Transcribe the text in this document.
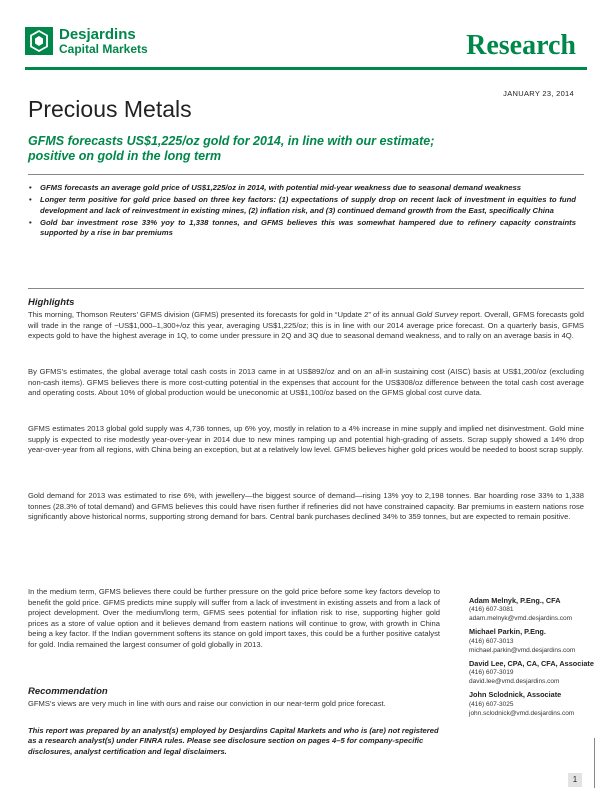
Desjardins
Capital Markets	Research
JANUARY 23, 2014
Precious Metals
GFMS forecasts US$1,225/oz gold for 2014, in line with our estimate; positive on gold in the long term
• GFMS forecasts an average gold price of US$1,225/oz in 2014, with potential mid-year weakness due to seasonal demand weakness
• Longer term positive for gold price based on three key factors: (1) expectations of supply drop on recent lack of investment in equities to fund development and lack of reinvestment in existing mines, (2) inflation risk, and (3) continued demand growth from the East, specifically China
• Gold bar investment rose 33% yoy to 1,338 tonnes, and GFMS believes this was somewhat hampered due to refinery capacity constraints supported by a rise in bar premiums
Highlights

This morning, Thomson Reuters’ GFMS division (GFMS) presented its forecasts for gold in “Update 2” of its annual Gold Survey report. Overall, GFMS forecasts gold will trade in the range of ~US$1,000–1,300+/oz this year, averaging US$1,225/oz; this is in line with our 2014 average price forecast. On a quarterly basis, GFMS expects gold to have the highest average in 1Q, to come under pressure in 2Q and 3Q due to seasonal demand weakness, and to rally on an average basis in 4Q.

By GFMS’s estimates, the global average total cash costs in 2013 came in at US$892/oz and on an all-in sustaining cost (AISC) basis at US$1,200/oz (excluding non-cash items). GFMS believes there is more cost-cutting potential in the expenses that account for the US$308/oz difference between the total cash cost average and operating costs. About 10% of global production would be uneconomic at US$1,100/oz based on the GFMS global cost curve data.

GFMS estimates 2013 global gold supply was 4,736 tonnes, up 6% yoy, mostly in relation to a 4% increase in mine supply and implied net disinvestment. Gold mine supply is expected to rise modestly year-over-year in 2014 due to new mines ramping up and potential high-grading of assets. Scrap supply showed a 14% drop year-over-year from all regions, with China being an exception, but at a relatively low level. GFMS believes higher gold prices would be needed to boost scrap supply.

Gold demand for 2013 was estimated to rise 6%, with jewellery—the biggest source of demand—rising 13% yoy to 2,198 tonnes. Bar hoarding rose 33% to 1,338 tonnes (28.3% of total demand) and GFMS believes this could have risen further if refineries did not have constrained capacity. Bar premiums in eastern nations rose significantly above historical norms, supporting strong demand for bars. Central bank purchases declined 34% to 359 tonnes, but are expected to remain positive.

In the medium term, GFMS believes there could be further pressure on the gold price before some key factors develop to benefit the gold price. GFMS predicts mine supply will suffer from a lack of investment in existing assets and from a lack of project development. Over the medium/long term, GFMS sees potential for inflation risk to rise, supporting higher gold prices as a store of value option and it believes demand from eastern nations will continue to grow, with growth in China being a key factor. If the Indian government softens its stance on gold import taxes, this could be a further positive catalyst for gold. India remained the largest consumer of gold globally in 2013.

Recommendation

GFMS’s views are very much in line with ours and raise our conviction in our near-term gold price forecast.

This report was prepared by an analyst(s) employed by Desjardins Capital Markets and who is (are) not registered as a research analyst(s) under FINRA rules. Please see disclosure section on pages 4–5 for company-specific disclosures, analyst certification and legal disclaimers.

Adam Melnyk, P.Eng., CFA
(416) 607-3081
adam.melnyk@vmd.desjardins.com
Michael Parkin, P.Eng.
(416) 607-3013
michael.parkin@vmd.desjardins.com
David Lee, CPA, CA, CFA, Associate
(416) 607-3019
david.lee@vmd.desjardins.com
John Sclodnick, Associate
(416) 607-3025
john.sclodnick@vmd.desjardins.com
1
